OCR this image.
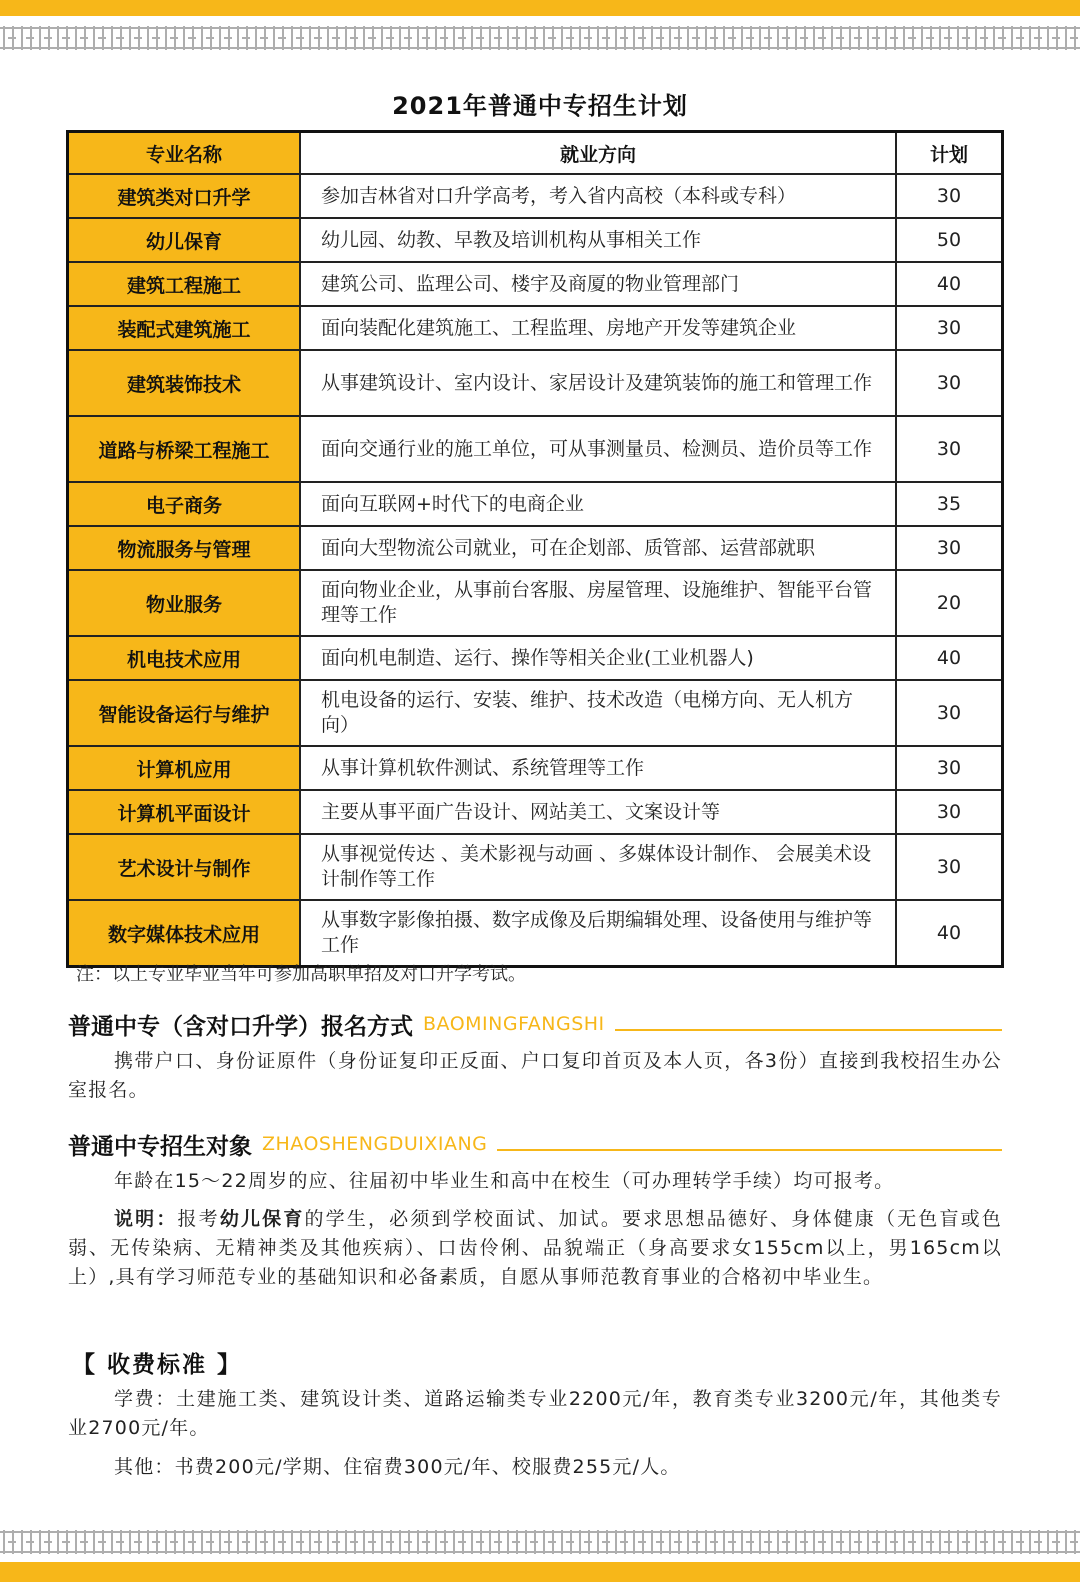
2021年普通中专招生计划
专业名称	就业方向	计划
建筑类对口升学	参加吉林省对口升学高考，考入省内高校（本科或专科）	30
幼儿保育	幼儿园、幼教、早教及培训机构从事相关工作	50
建筑工程施工	建筑公司、监理公司、楼宇及商厦的物业管理部门	40
装配式建筑施工	面向装配化建筑施工、工程监理、房地产开发等建筑企业	30
建筑装饰技术	从事建筑设计、室内设计、家居设计及建筑装饰的施工和管理工作	30
道路与桥梁工程施工	面向交通行业的施工单位，可从事测量员、检测员、造价员等工作	30
电子商务	面向互联网+时代下的电商企业	35
物流服务与管理	面向大型物流公司就业，可在企划部、质管部、运营部就职	30
物业服务	面向物业企业，从事前台客服、房屋管理、设施维护、智能平台管理等工作	20
机电技术应用	面向机电制造、运行、操作等相关企业(工业机器人)	40
智能设备运行与维护	机电设备的运行、安装、维护、技术改造（电梯方向、无人机方向）	30
计算机应用	从事计算机软件测试、系统管理等工作	30
计算机平面设计	主要从事平面广告设计、网站美工、文案设计等	30
艺术设计与制作	从事视觉传达 、美术影视与动画 、多媒体设计制作、 会展美术设计制作等工作	30
数字媒体技术应用	从事数字影像拍摄、数字成像及后期编辑处理、设备使用与维护等工作	40
注：以上专业毕业当年可参加高职单招及对口升学考试。
普通中专（含对口升学）报名方式 BAOMINGFANGSHI
携带户口、身份证原件（身份证复印正反面、户口复印首页及本人页，各3份）直接到我校招生办公室报名。
普通中专招生对象 ZHAOSHENGDUIXIANG
年龄在15～22周岁的应、往届初中毕业生和高中在校生（可办理转学手续）均可报考。
说明：报考幼儿保育的学生，必须到学校面试、加试。要求思想品德好、身体健康（无色盲或色弱、无传染病、无精神类及其他疾病）、口齿伶俐、品貌端正（身高要求女155cm以上，男165cm以上）,具有学习师范专业的基础知识和必备素质，自愿从事师范教育事业的合格初中毕业生。
【 收费标准 】
学费：土建施工类、建筑设计类、道路运输类专业2200元/年，教育类专业3200元/年，其他类专业2700元/年。
其他：书费200元/学期、住宿费300元/年、校服费255元/人。
